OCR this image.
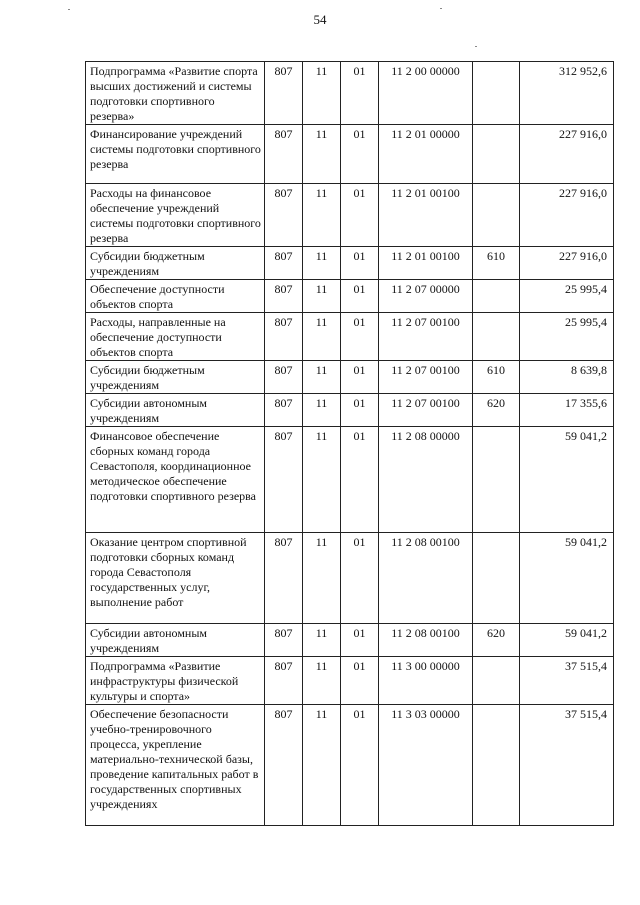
54
Подпрограмма «Развитие спорта высших достижений и системы подготовки спортивного резерва»	807	11	01	11 2 00 00000		312 952,6
Финансирование учреждений системы подготовки спортивного резерва	807	11	01	11 2 01 00000		227 916,0
Расходы на финансовое обеспечение учреждений системы подготовки спортивного резерва	807	11	01	11 2 01 00100		227 916,0
Субсидии бюджетным учреждениям	807	11	01	11 2 01 00100	610	227 916,0
Обеспечение доступности объектов спорта	807	11	01	11 2 07 00000		25 995,4
Расходы, направленные на обеспечение доступности объектов спорта	807	11	01	11 2 07 00100		25 995,4
Субсидии бюджетным учреждениям	807	11	01	11 2 07 00100	610	8 639,8
Субсидии автономным учреждениям	807	11	01	11 2 07 00100	620	17 355,6
Финансовое обеспечение сборных команд города Севастополя, координационное методическое обеспечение подготовки спортивного резерва	807	11	01	11 2 08 00000		59 041,2
Оказание центром спортивной подготовки сборных команд города Севастополя государственных услуг, выполнение работ	807	11	01	11 2 08 00100		59 041,2
Субсидии автономным учреждениям	807	11	01	11 2 08 00100	620	59 041,2
Подпрограмма «Развитие инфраструктуры физической культуры и спорта»	807	11	01	11 3 00 00000		37 515,4
Обеспечение безопасности учебно-тренировочного процесса, укрепление материально-технической базы, проведение капитальных работ в государственных спортивных учреждениях	807	11	01	11 3 03 00000		37 515,4
